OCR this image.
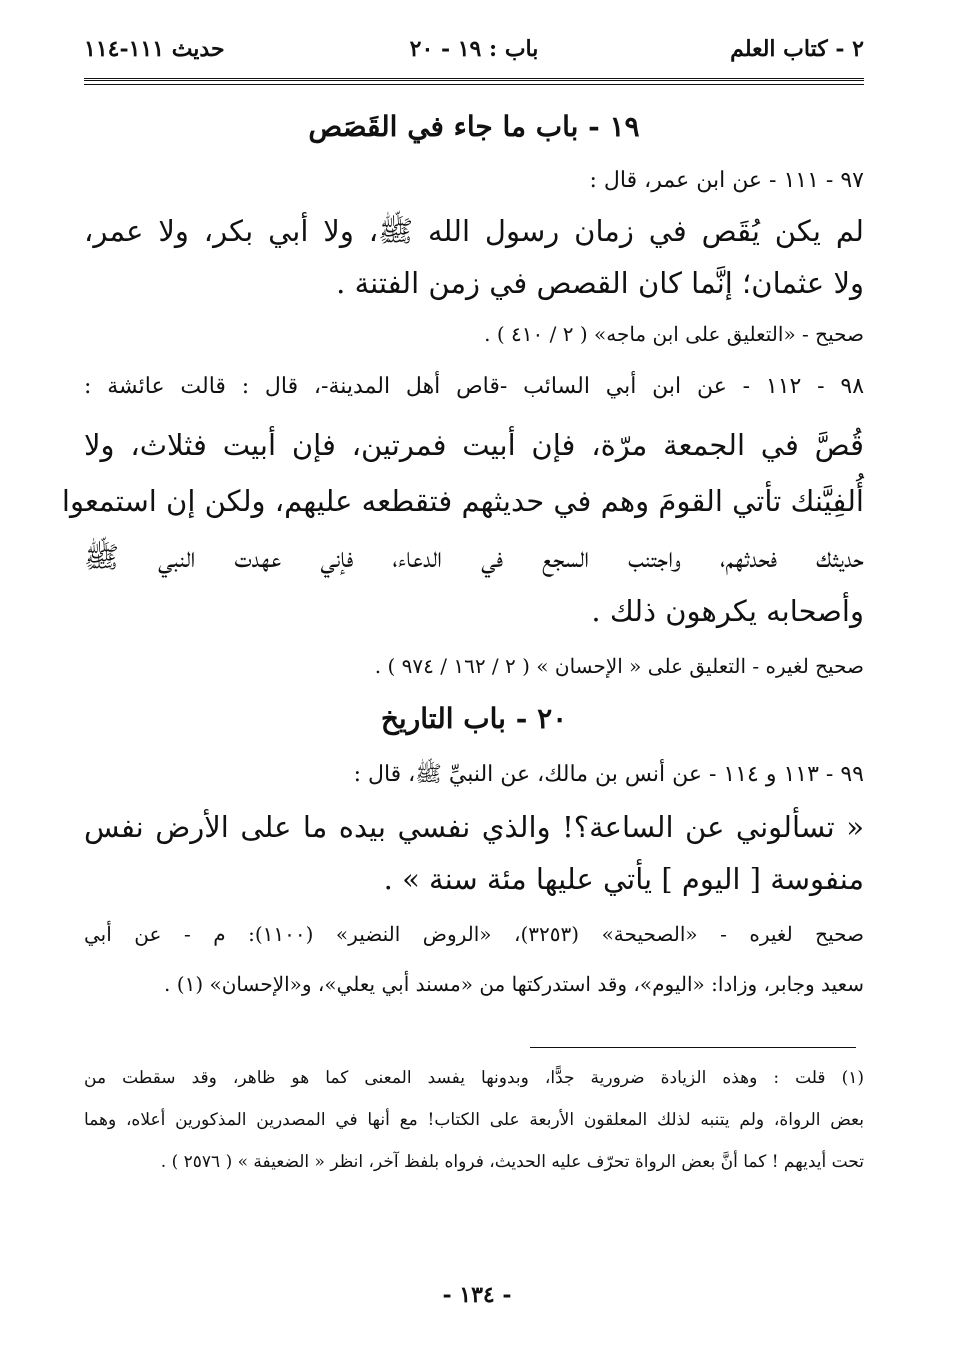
٢ - كتاب العلم
باب : ١٩ - ٢٠
حديث ١١١-١١٤
١٩ - باب ما جاء في القَصَص
٩٧ - ١١١ - عن ابن عمر، قال :
لم يكن يُقَص في زمان رسول الله ﷺ، ولا أبي بكر، ولا عمر،
ولا عثمان؛ إنَّما كان القصص في زمن الفتنة .
صحيح - «التعليق على ابن ماجه» ( ٢ / ٤١٠ ) .
٩٨ - ١١٢ - عن ابن أبي السائب -قاص أهل المدينة-، قال : قالت عائشة :
قُصَّ في الجمعة مرّة، فإن أبيت فمرتين، فإن أبيت فثلاث، ولا
أُلفِيَّنك تأتي القومَ وهم في حديثهم فتقطعه عليهم، ولكن إن استمعوا
حديثك فحدثهم، واجتنب السجع في الدعاء، فإني عهدت النبي ﷺ
وأصحابه يكرهون ذلك .
صحيح لغيره - التعليق على « الإحسان » ( ٢ / ١٦٢ / ٩٧٤ ) .
٢٠ - باب التاريخ
٩٩ - ١١٣ و ١١٤ - عن أنس بن مالك، عن النبيِّ ﷺ، قال :
« تسألوني عن الساعة؟! والذي نفسي بيده ما على الأرض نفس
منفوسة [ اليوم ] يأتي عليها مئة سنة » .
صحيح لغيره - «الصحيحة» (٣٢٥٣)، «الروض النضير» (١١٠٠): م - عن أبي
سعيد وجابر، وزادا: «اليوم»، وقد استدركتها من «مسند أبي يعلي»، و«الإحسان» (١) .
(١) قلت : وهذه الزيادة ضرورية جدًّا، وبدونها يفسد المعنى كما هو ظاهر، وقد سقطت من
بعض الرواة، ولم يتنبه لذلك المعلقون الأربعة على الكتاب! مع أنها في المصدرين المذكورين أعلاه، وهما
تحت أيديهم ! كما أنَّ بعض الرواة تحرّف عليه الحديث، فرواه بلفظ آخر، انظر « الضعيفة » ( ٢٥٧٦ ) .
- ١٣٤ -
